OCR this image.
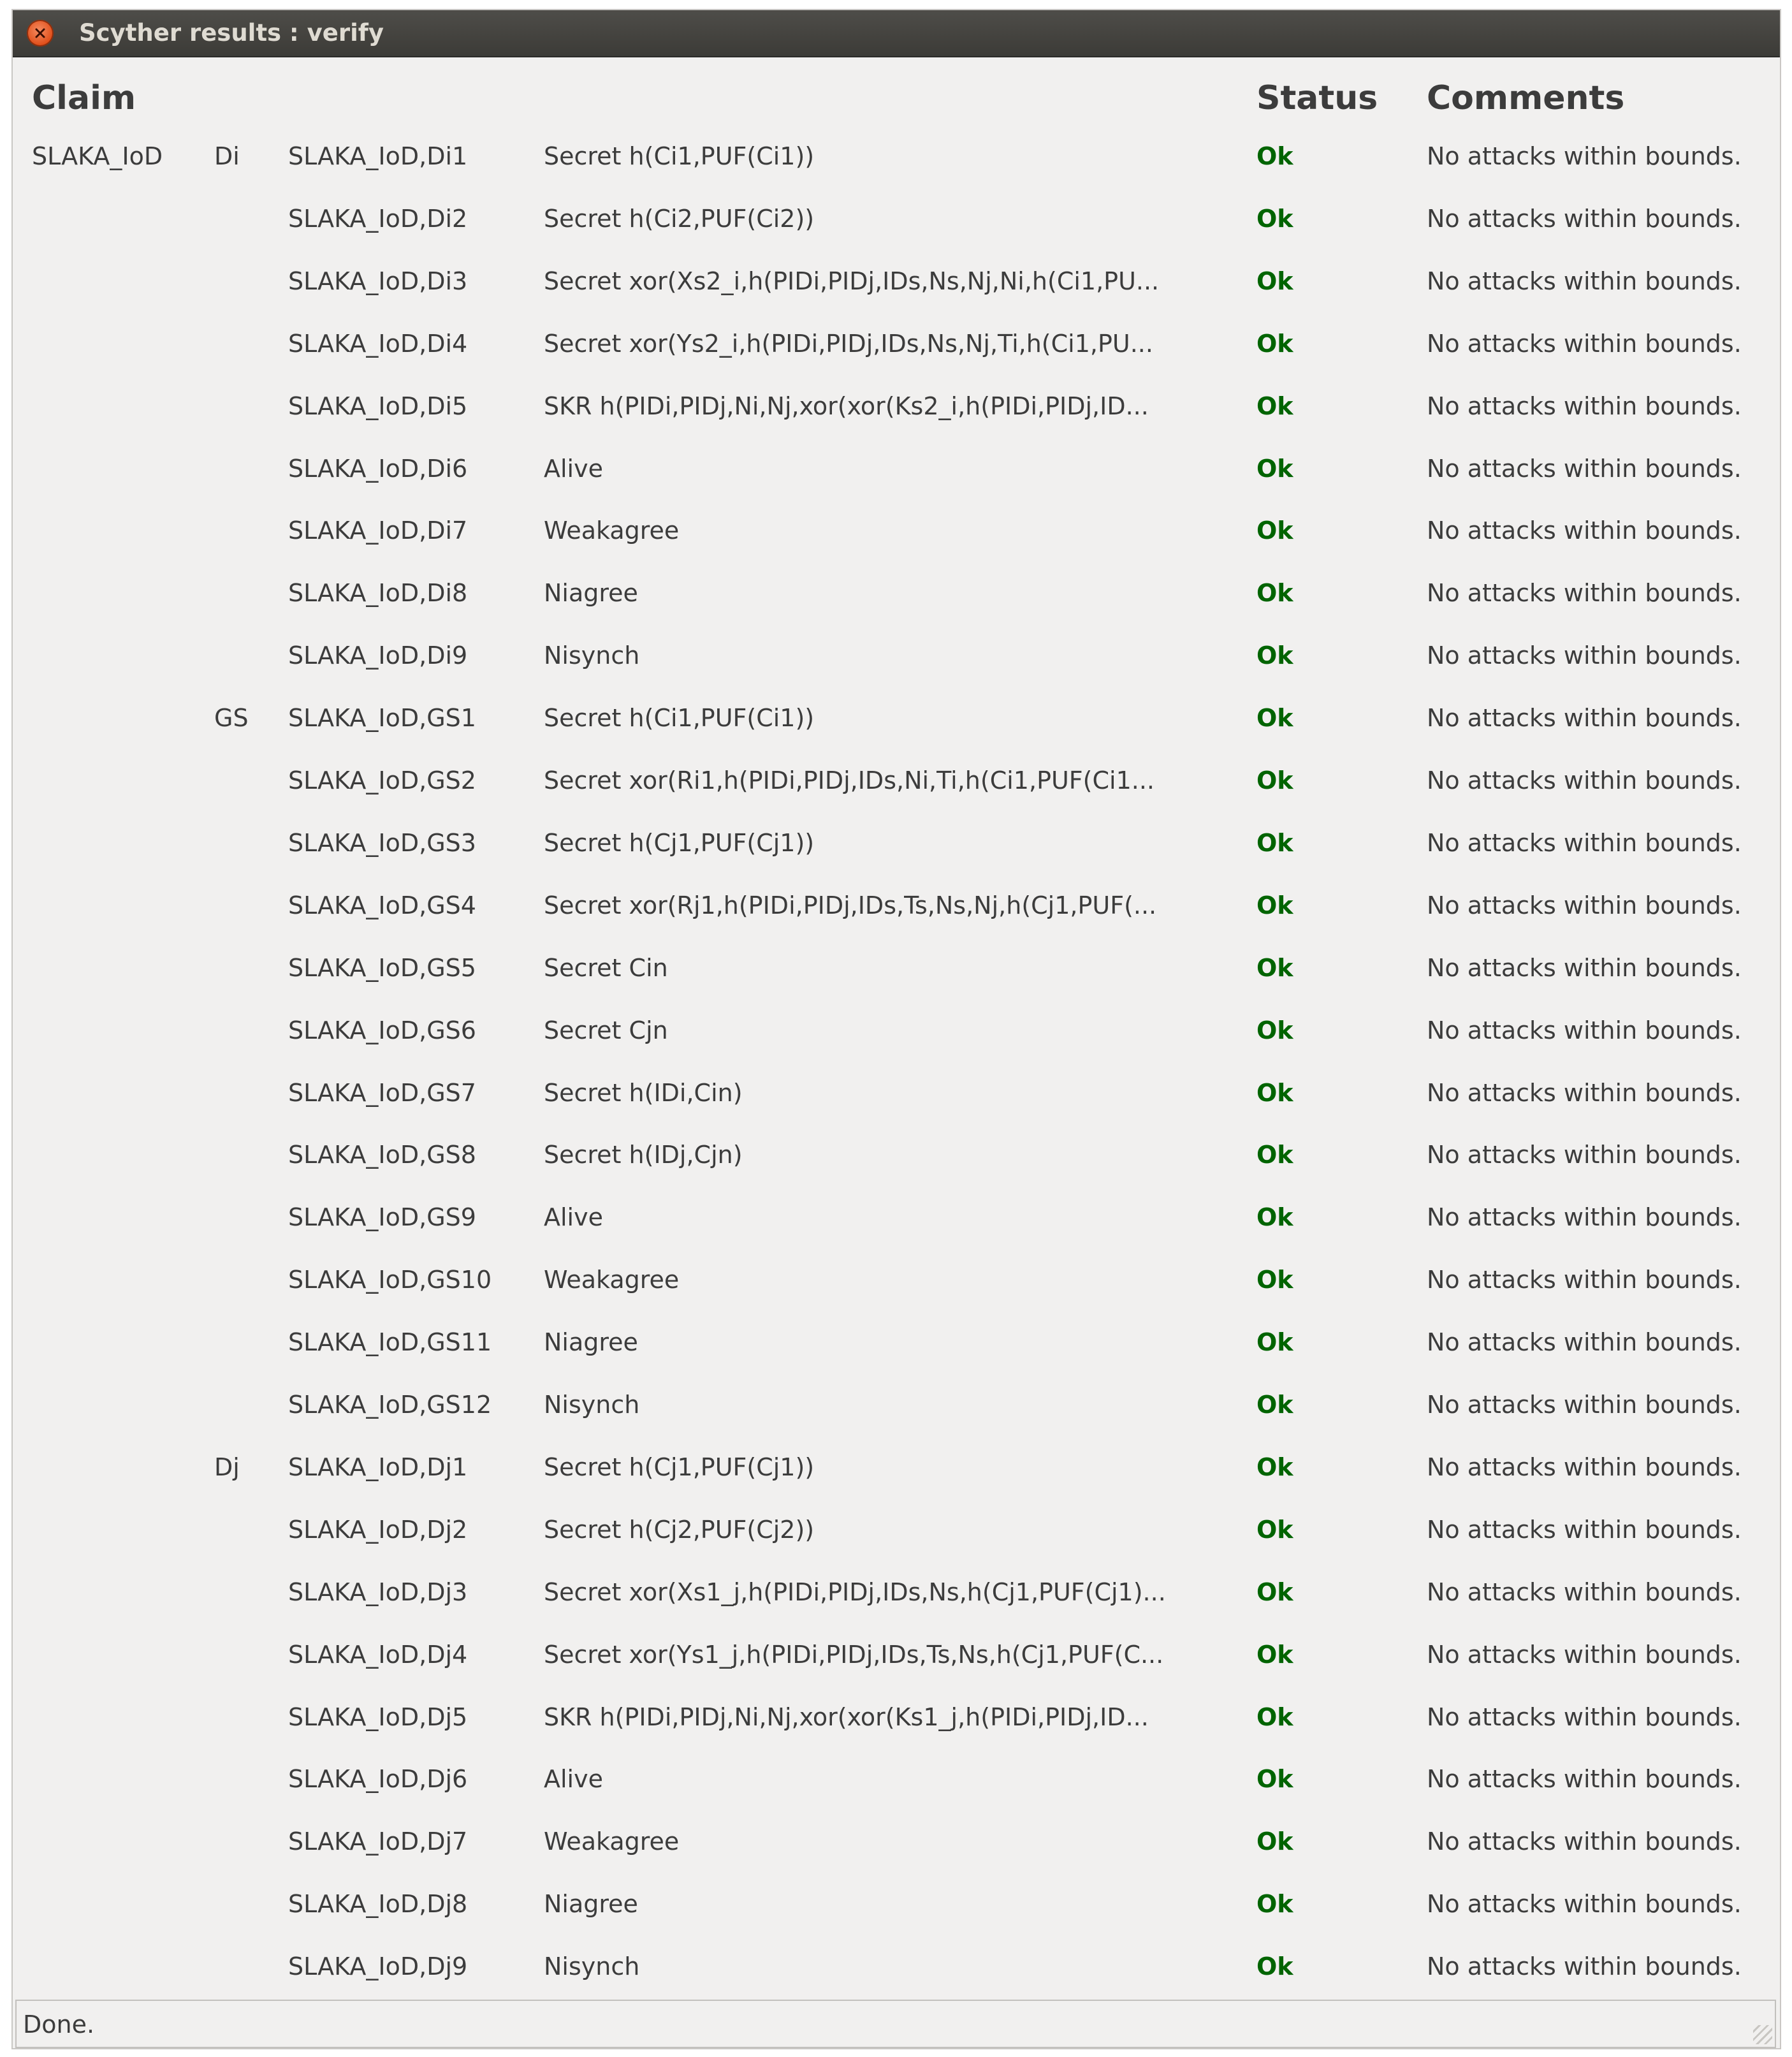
Scyther results : verify
Claim	Status Comments
SLAKA_IoD Di SLAKA_IoD,Di1	Secret h(Ci1,PUF(Ci1))	Ok	No attacks within bounds.
SLAKA_IoD,Di2	Secret h(Ci2,PUF(Ci2))	Ok	No attacks within bounds.
SLAKA_IoD,Di3	Secret xor(Xs2_i,h(PIDi,PIDj,IDs,Ns,Nj,Ni,h(Ci1,PU...	Ok	No attacks within bounds.
SLAKA_IoD,Di4	Secret xor(Ys2_i,h(PIDi,PIDj,IDs,Ns,Nj,Ti,h(Ci1,PU...	Ok	No attacks within bounds.
SLAKA_IoD,Di5	SKR h(PIDi,PIDj,Ni,Nj,xor(xor(Ks2_i,h(PIDi,PIDj,ID...	Ok	No attacks within bounds.
SLAKA_IoD,Di6	Alive	Ok	No attacks within bounds.
SLAKA_IoD,Di7	Weakagree	Ok	No attacks within bounds.
SLAKA_IoD,Di8	Niagree	Ok	No attacks within bounds.
SLAKA_IoD,Di9	Nisynch	Ok	No attacks within bounds.
GS SLAKA_IoD,GS1	Secret h(Ci1,PUF(Ci1))	Ok	No attacks within bounds.
SLAKA_IoD,GS2	Secret xor(Ri1,h(PIDi,PIDj,IDs,Ni,Ti,h(Ci1,PUF(Ci1...	Ok	No attacks within bounds.
SLAKA_IoD,GS3	Secret h(Cj1,PUF(Cj1))	Ok	No attacks within bounds.
SLAKA_IoD,GS4	Secret xor(Rj1,h(PIDi,PIDj,IDs,Ts,Ns,Nj,h(Cj1,PUF(...	Ok	No attacks within bounds.
SLAKA_IoD,GS5	Secret Cin	Ok	No attacks within bounds.
SLAKA_IoD,GS6	Secret Cjn	Ok	No attacks within bounds.
SLAKA_IoD,GS7	Secret h(IDi,Cin)	Ok	No attacks within bounds.
SLAKA_IoD,GS8	Secret h(IDj,Cjn)	Ok	No attacks within bounds.
SLAKA_IoD,GS9	Alive	Ok	No attacks within bounds.
SLAKA_IoD,GS10 Weakagree	Ok	No attacks within bounds.
SLAKA_IoD,GS11 Niagree	Ok	No attacks within bounds.
SLAKA_IoD,GS12 Nisynch	Ok	No attacks within bounds.
Dj SLAKA_IoD,Dj1	Secret h(Cj1,PUF(Cj1))	Ok	No attacks within bounds.
SLAKA_IoD,Dj2	Secret h(Cj2,PUF(Cj2))	Ok	No attacks within bounds.
SLAKA_IoD,Dj3	Secret xor(Xs1_j,h(PIDi,PIDj,IDs,Ns,h(Cj1,PUF(Cj1)...	Ok	No attacks within bounds.
SLAKA_IoD,Dj4	Secret xor(Ys1_j,h(PIDi,PIDj,IDs,Ts,Ns,h(Cj1,PUF(C...	Ok	No attacks within bounds.
SLAKA_IoD,Dj5	SKR h(PIDi,PIDj,Ni,Nj,xor(xor(Ks1_j,h(PIDi,PIDj,ID...	Ok	No attacks within bounds.
SLAKA_IoD,Dj6	Alive	Ok	No attacks within bounds.
SLAKA_IoD,Dj7	Weakagree	Ok	No attacks within bounds.
SLAKA_IoD,Dj8	Niagree	Ok	No attacks within bounds.
SLAKA_IoD,Dj9	Nisynch	Ok	No attacks within bounds.
Done.
